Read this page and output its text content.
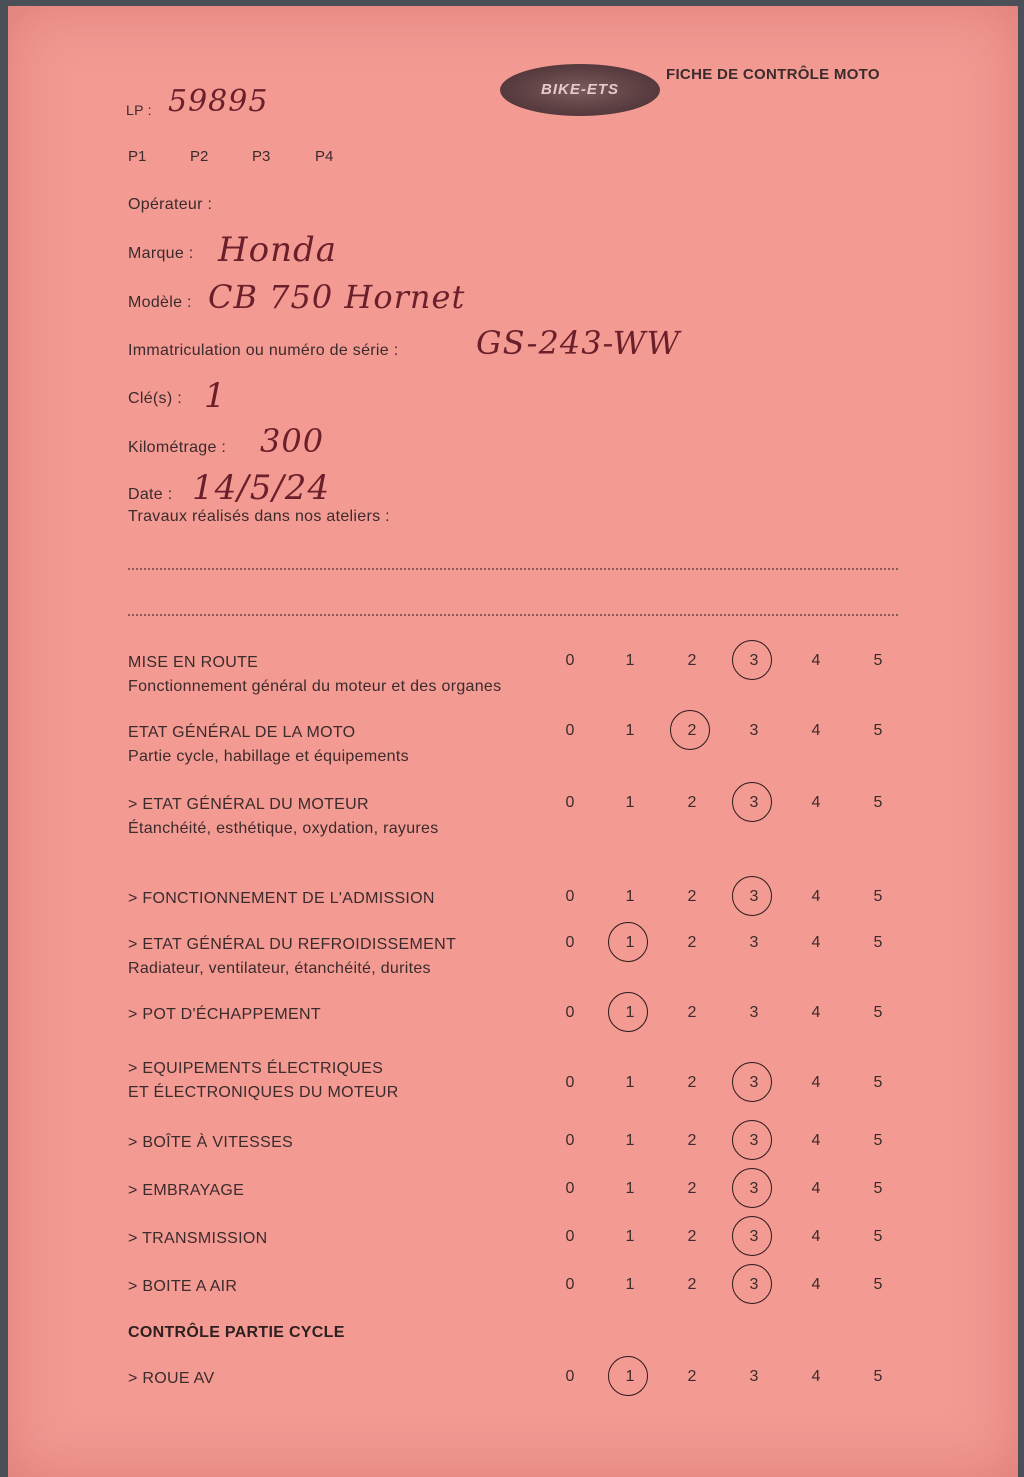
BIKE-ETS
FICHE DE CONTRÔLE MOTO
LP : 59895
P1	P2	P3	P4
Opérateur :
Marque : Honda
Modèle : CB 750 Hornet
Immatriculation ou numéro de série : GS-243-WW
Clé(s) : 1
Kilométrage : 300
Date : 14/5/24
Travaux réalisés dans nos ateliers :
MISE EN ROUTE
Fonctionnement général du moteur et des organes
0	1	2	3	4	5
ETAT GÉNÉRAL DE LA MOTO
Partie cycle, habillage et équipements
0	1	2	3	4	5
> ETAT GÉNÉRAL DU MOTEUR
Étanchéité, esthétique, oxydation, rayures
0	1	2	3	4	5
> FONCTIONNEMENT DE L'ADMISSION	0	1	2	3	4	5
> ETAT GÉNÉRAL DU REFROIDISSEMENT
Radiateur, ventilateur, étanchéité, durites
0	1	2	3	4	5
> POT D'ÉCHAPPEMENT	0	1	2	3	4	5
> EQUIPEMENTS ÉLECTRIQUES
ET ÉLECTRONIQUES DU MOTEUR
0	1	2	3	4	5
> BOÎTE À VITESSES	0	1	2	3	4	5
> EMBRAYAGE	0	1	2	3	4	5
> TRANSMISSION	0	1	2	3	4	5
> BOITE A AIR	0	1	2	3	4	5
CONTRÔLE PARTIE CYCLE
> ROUE AV	0	1	2	3	4	5
